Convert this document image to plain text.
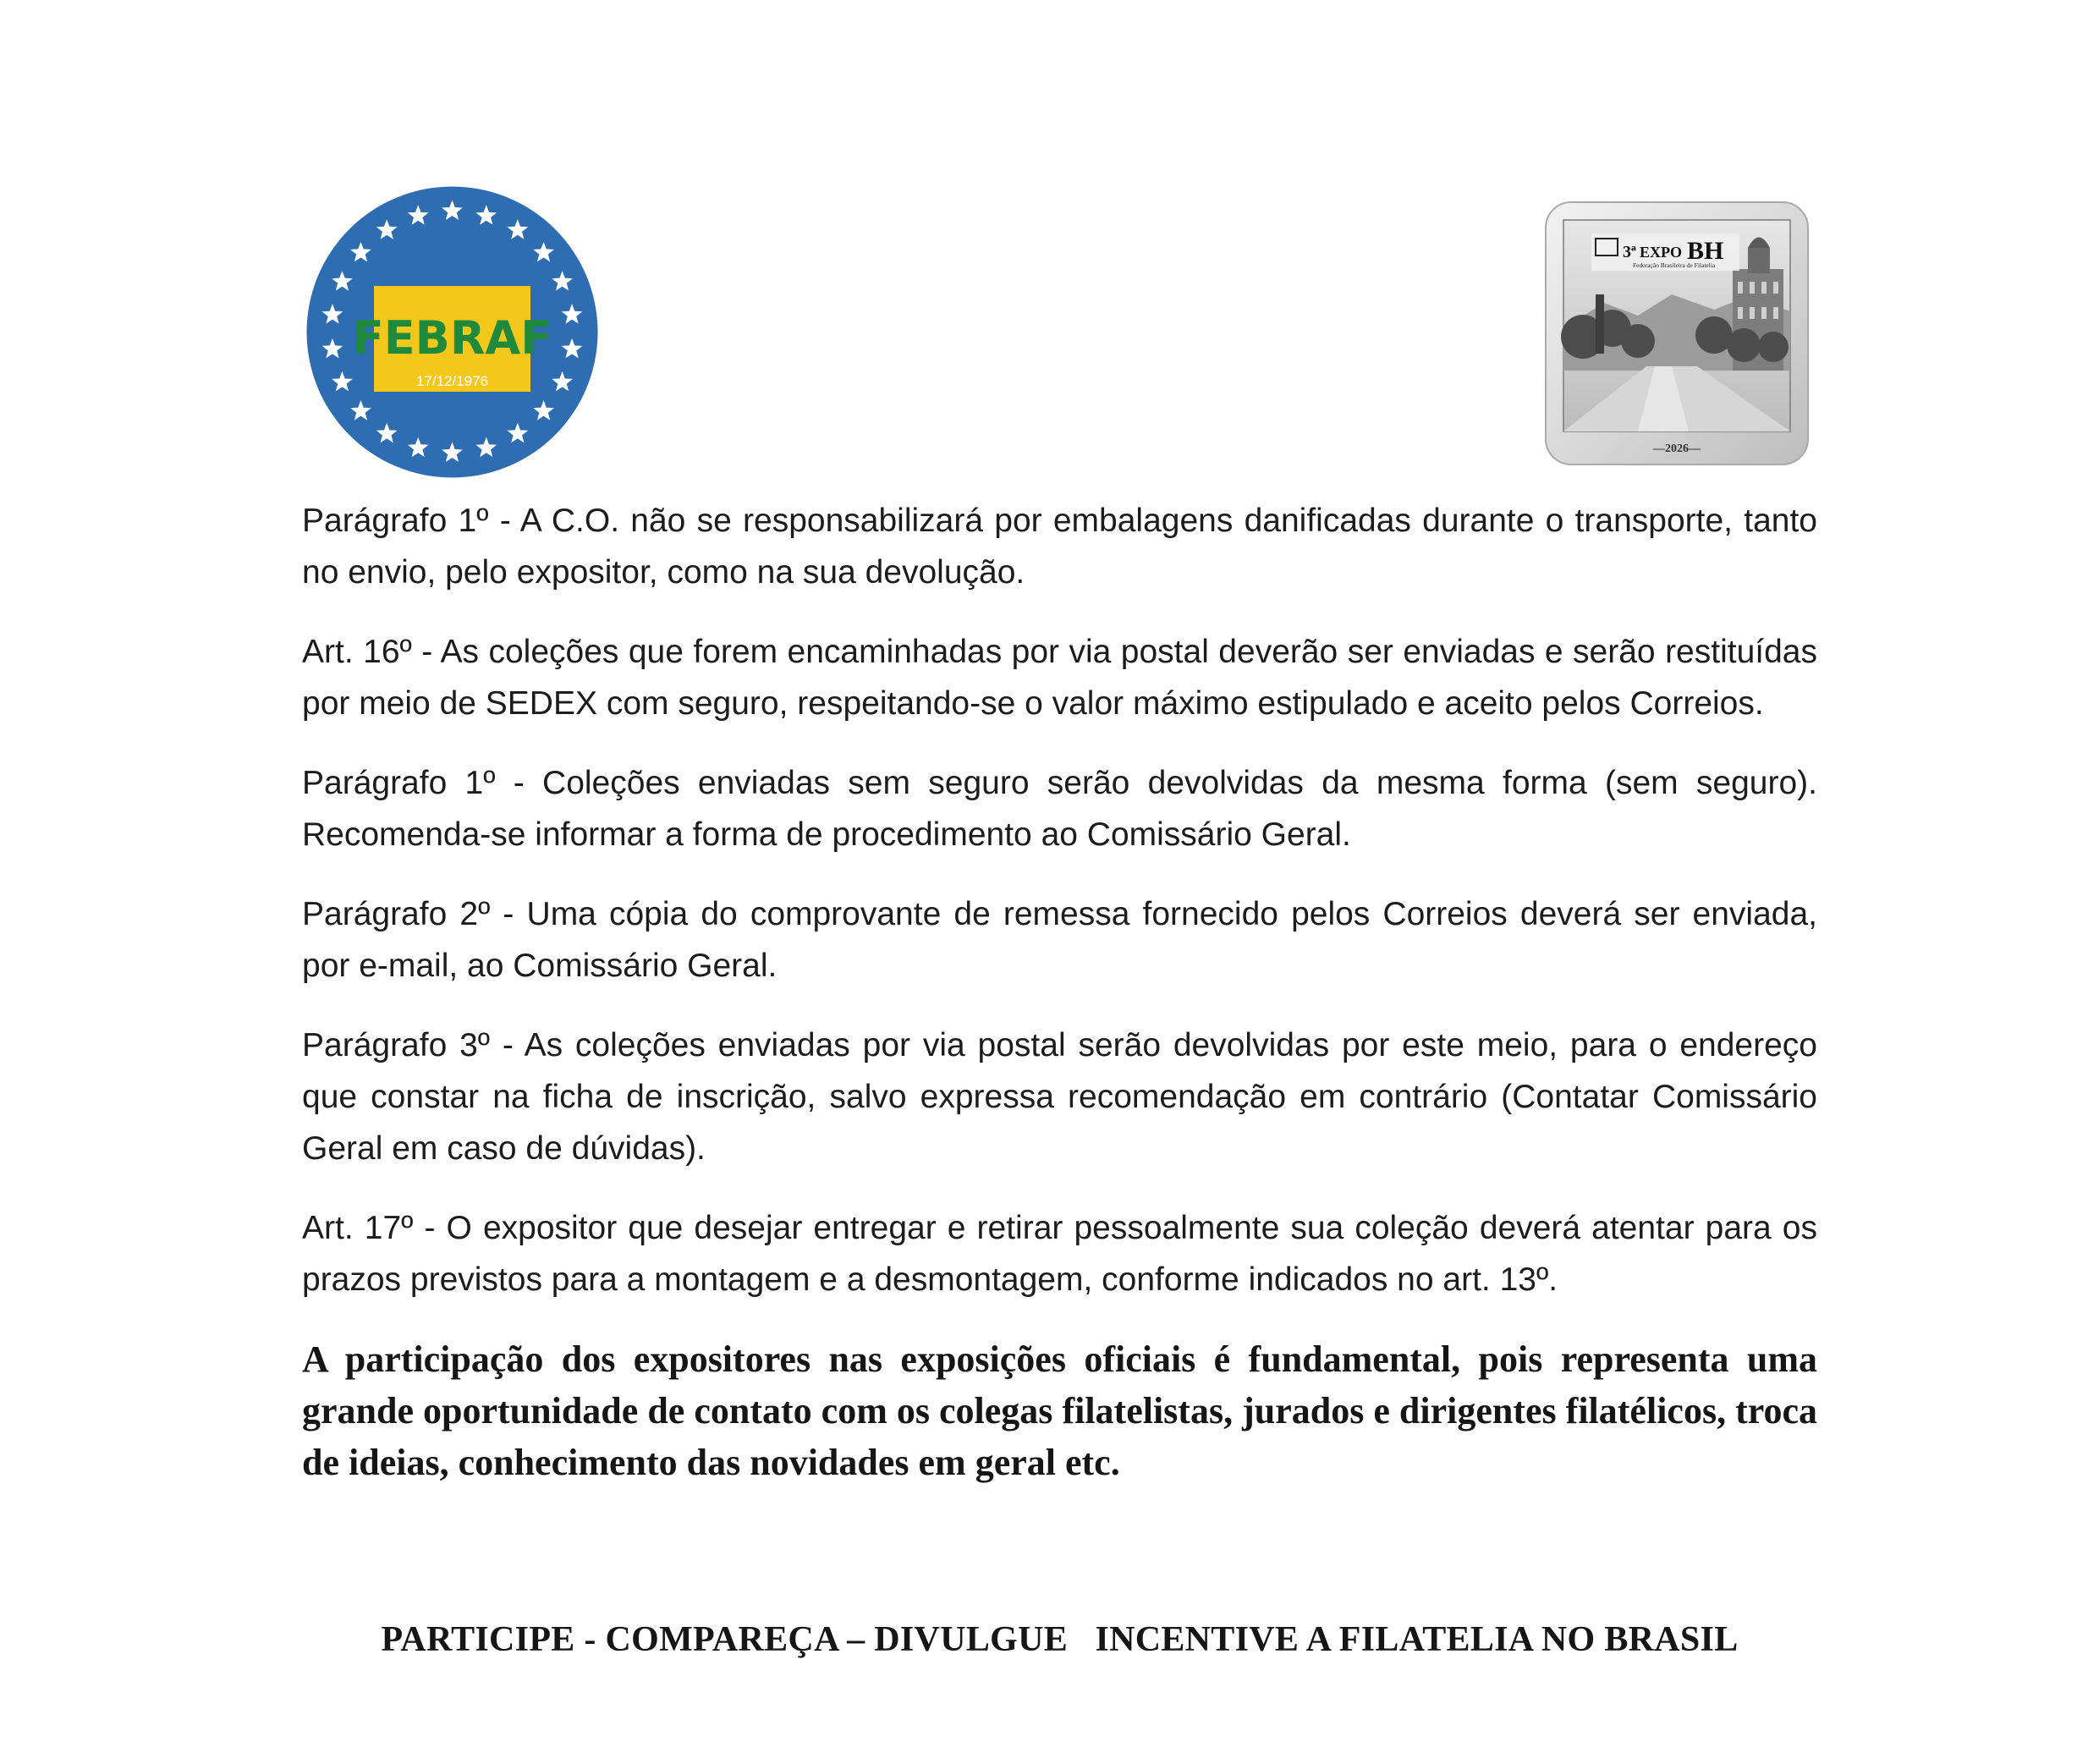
FEBRAF
17/12/1976
3ª EXPO BH
Federação Brasileira de Filatelia
—2026—

Parágrafo 1º - A C.O. não se responsabilizará por embalagens danificadas durante o transporte, tanto no envio, pelo expositor, como na sua devolução.

Art. 16º - As coleções que forem encaminhadas por via postal deverão ser enviadas e serão restituídas por meio de SEDEX com seguro, respeitando-se o valor máximo estipulado e aceito pelos Correios.

Parágrafo 1º - Coleções enviadas sem seguro serão devolvidas da mesma forma (sem seguro). Recomenda-se informar a forma de procedimento ao Comissário Geral.

Parágrafo 2º - Uma cópia do comprovante de remessa fornecido pelos Correios deverá ser enviada, por e-mail, ao Comissário Geral.

Parágrafo 3º - As coleções enviadas por via postal serão devolvidas por este meio, para o endereço que constar na ficha de inscrição, salvo expressa recomendação em contrário (Contatar Comissário Geral em caso de dúvidas).

Art. 17º - O expositor que desejar entregar e retirar pessoalmente sua coleção deverá atentar para os prazos previstos para a montagem e a desmontagem, conforme indicados no art. 13º.

A participação dos expositores nas exposições oficiais é fundamental, pois representa uma grande oportunidade de contato com os colegas filatelistas, jurados e dirigentes filatélicos, troca de ideias, conhecimento das novidades em geral etc.

PARTICIPE - COMPAREÇA – DIVULGUE   INCENTIVE A FILATELIA NO BRASIL
